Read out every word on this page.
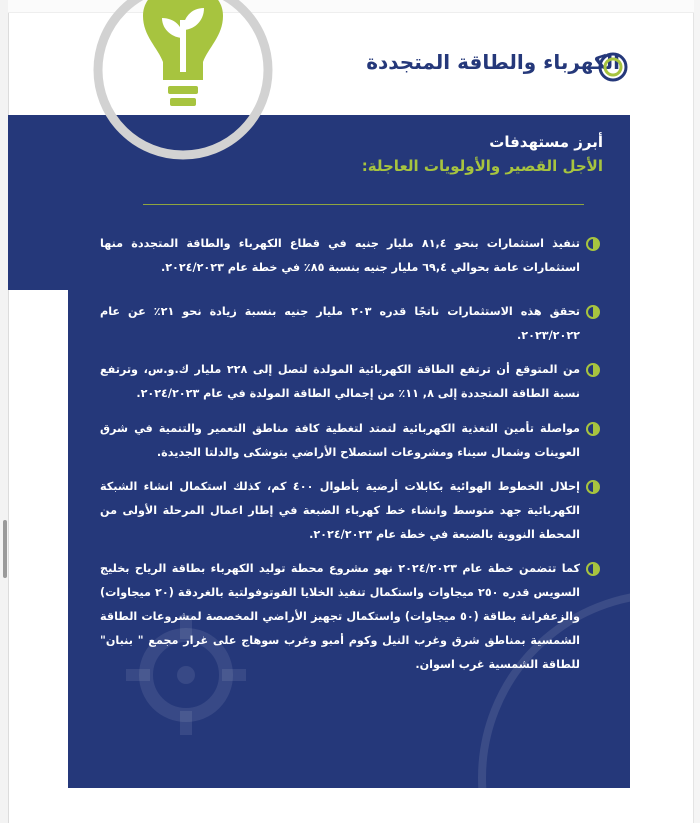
الكهرباء والطاقة المتجددة
أبرز مستهدفات
الأجل القصير والأولويات العاجلة:
تنفيذ استثمارات بنحو ٨١,٤ مليار جنيه في قطاع الكهرباء والطاقة المتجددة منها استثمارات عامة بحوالي ٦٩,٤ مليار جنيه بنسبة ٨٥٪ في خطة عام ٢٠٢٤/٢٠٢٣.
تحقق هذه الاستثمارات ناتجًا قدره ٢٠٣ مليار جنيه بنسبة زيادة نحو ٢١٪ عن عام ٢٠٢٣/٢٠٢٢.
من المتوقع أن ترتفع الطاقة الكهربائية المولدة لتصل إلى ٢٢٨ مليار ك.و.س، وترتفع نسبة الطاقة المتجددة إلى ٨, ١١٪ من إجمالي الطاقة المولدة في عام ٢٠٢٤/٢٠٢٣.
مواصلة تأمين التغذية الكهربائية لتمتد لتغطية كافة مناطق التعمير والتنمية في شرق العوينات وشمال سيناء ومشروعات استصلاح الأراضي بتوشكى والدلتا الجديدة.
إحلال الخطوط الهوائية بكابلات أرضية بأطوال ٤٠٠ كم، كذلك استكمال انشاء الشبكة الكهربائية جهد متوسط وانشاء خط كهرباء الضبعة في إطار اعمال المرحلة الأولى من المحطة النووية بالضبعة في خطة عام ٢٠٢٤/٢٠٢٣.
كما تتضمن خطة عام ٢٠٢٤/٢٠٢٣ نهو مشروع محطة توليد الكهرباء بطاقة الرياح بخليج السويس قدره ٢٥٠ ميجاوات واستكمال تنفيذ الخلايا الفوتوفولتية بالغردقة (٢٠ ميجاوات) والزعفرانة بطاقة (٥٠ ميجاوات) واستكمال تجهيز الأراضي المخصصة لمشروعات الطاقة الشمسية بمناطق شرق وغرب النيل وكوم أمبو وغرب سوهاج على غرار مجمع " بنبان" للطاقة الشمسية غرب اسوان.
